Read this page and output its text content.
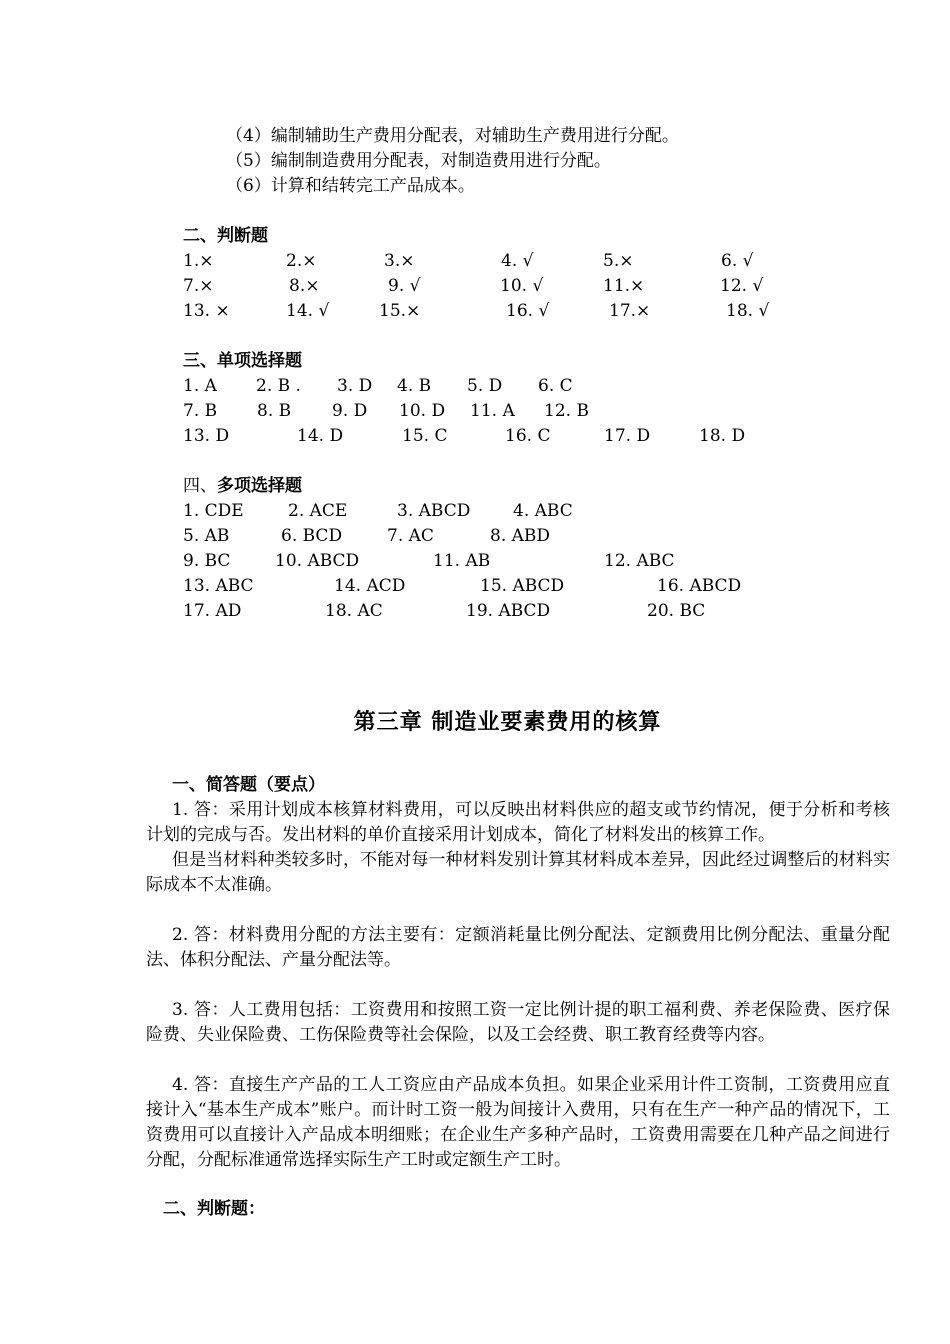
（4）编制辅助生产费用分配表，对辅助生产费用进行分配。
（5）编制制造费用分配表，对制造费用进行分配。
（6）计算和结转完工产品成本。
二、判断题
1.×	2.×	3.×	4. √	5.×	6. √
7.×	8.×	9. √	10. √	11.×	12. √
13. ×	14. √	15.×	16. √	17.×	18. √
三、单项选择题
1. A 2. B . 3. D 4. B 5. D 6. C
7. B 8. B 9. D 10. D 11. A 12. B
13. D	14. D	15. C	16. C	17. D	18. D
四、多项选择题
1. CDE	2. ACE	3. ABCD	4. ABC
5. AB	6. BCD	7. AC	8. ABD
9. BC	10. ABCD	11. AB	12. ABC
13. ABC	14. ACD	15. ABCD	16. ABCD
17. AD	18. AC	19. ABCD	20. BC
第三章 制造业要素费用的核算
一、简答题（要点）
1. 答：采用计划成本核算材料费用，可以反映出材料供应的超支或节约情况，便于分析和考核计划的完成与否。发出材料的单价直接采用计划成本，简化了材料发出的核算工作。
但是当材料种类较多时，不能对每一种材料发别计算其材料成本差异，因此经过调整后的材料实际成本不太准确。
2. 答：材料费用分配的方法主要有：定额消耗量比例分配法、定额费用比例分配法、重量分配法、体积分配法、产量分配法等。
3. 答：人工费用包括：工资费用和按照工资一定比例计提的职工福利费、养老保险费、医疗保险费、失业保险费、工伤保险费等社会保险，以及工会经费、职工教育经费等内容。
4. 答：直接生产产品的工人工资应由产品成本负担。如果企业采用计件工资制，工资费用应直接计入“基本生产成本”账户。而计时工资一般为间接计入费用，只有在生产一种产品的情况下，工资费用可以直接计入产品成本明细账；在企业生产多种产品时，工资费用需要在几种产品之间进行分配，分配标准通常选择实际生产工时或定额生产工时。
二、判断题：
